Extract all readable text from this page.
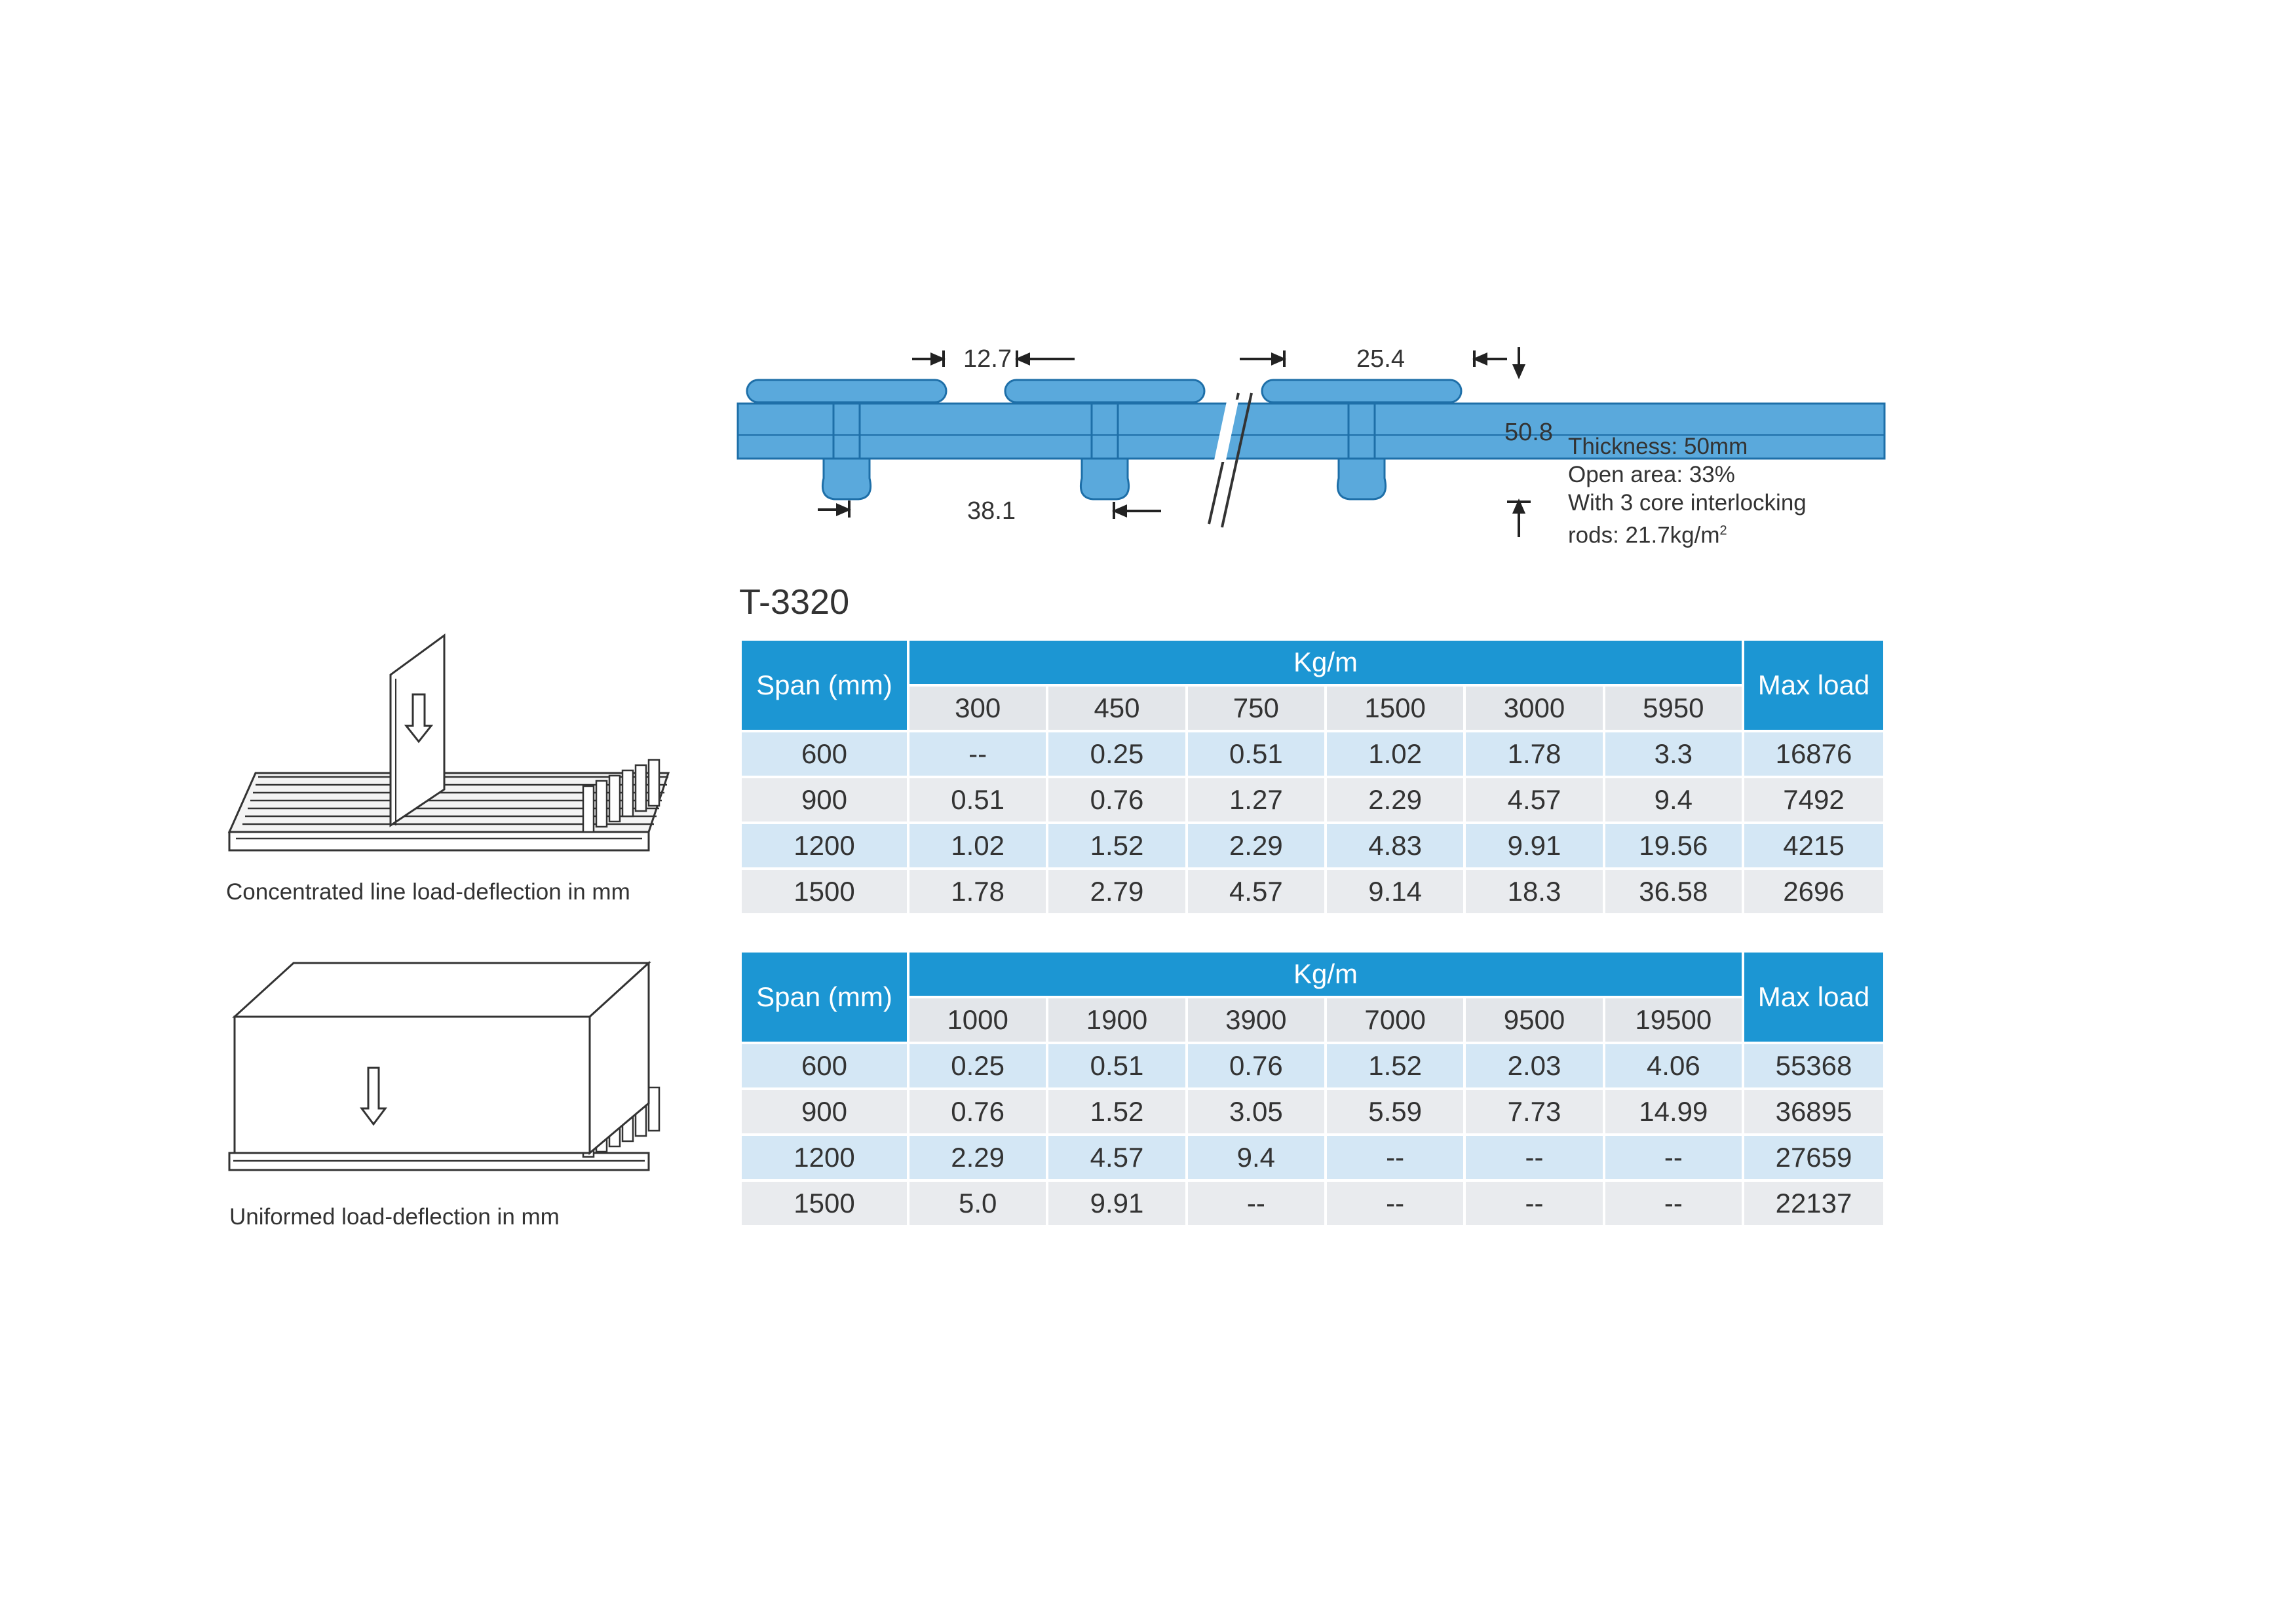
12.7	25.4
50.8
38.1
Thickness: 50mm
Open area: 33%
With 3 core interlocking
rods: $21.7kg/m^2$
T-3320
Concentrated line load-deflection in mm
Uniformed load-deflection in mm
Span (mm)	Kg/m						Max load
	300	450	750	1500	3000	5950	
600	--	0.25	0.51	1.02	1.78	3.3	16876
900	0.51	0.76	1.27	2.29	4.57	9.4	7492
1200	1.02	1.52	2.29	4.83	9.91	19.56	4215
1500	1.78	2.79	4.57	9.14	18.3	36.58	2696
Span (mm)	Kg/m						Max load
	1000	1900	3900	7000	9500	19500	
600	0.25	0.51	0.76	1.52	2.03	4.06	55368
900	0.76	1.52	3.05	5.59	7.73	14.99	36895
1200	2.29	4.57	9.4	--	--	--	27659
1500	5.0	9.91	--	--	--	--	22137
